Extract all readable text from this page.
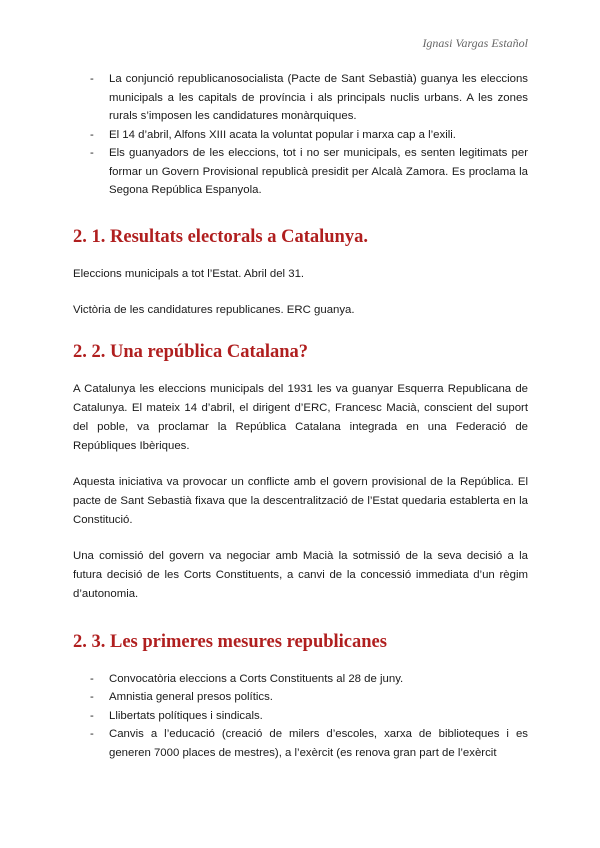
Ignasi Vargas Estañol
- La conjunció republicanosocialista (Pacte de Sant Sebastià) guanya les eleccions municipals a les capitals de província i als principals nuclis urbans. A les zones rurals s’imposen les candidatures monàrquiques.
- El 14 d’abril, Alfons XIII acata la voluntat popular i marxa cap a l’exili.
- Els guanyadors de les eleccions, tot i no ser municipals, es senten legitimats per formar un Govern Provisional republicà presidit per Alcalà Zamora. Es proclama la Segona República Espanyola.
2. 1. Resultats electorals a Catalunya.

Eleccions municipals a tot l’Estat. Abril del 31.

Victòria de les candidatures republicanes. ERC guanya.

2. 2. Una república Catalana?

A Catalunya les eleccions municipals del 1931 les va guanyar Esquerra Republicana de Catalunya. El mateix 14 d’abril, el dirigent d’ERC, Francesc Macià, conscient del suport del poble, va proclamar la República Catalana integrada en una Federació de Repúbliques Ibèriques.

Aquesta iniciativa va provocar un conflicte amb el govern provisional de la República. El pacte de Sant Sebastià fixava que la descentralització de l’Estat quedaria establerta en la Constitució.

Una comissió del govern va negociar amb Macià la sotmissió de la seva decisió a la futura decisió de les Corts Constituents, a canvi de la concessió immediata d’un règim d’autonomia.

2. 3. Les primeres mesures republicanes
- Convocatòria eleccions a Corts Constituents al 28 de juny.
- Amnistia general presos polítics.
- Llibertats polítiques i sindicals.
- Canvis a l’educació (creació de milers d’escoles, xarxa de biblioteques i es generen 7000 places de mestres), a l’exèrcit (es renova gran part de l’exèrcit
